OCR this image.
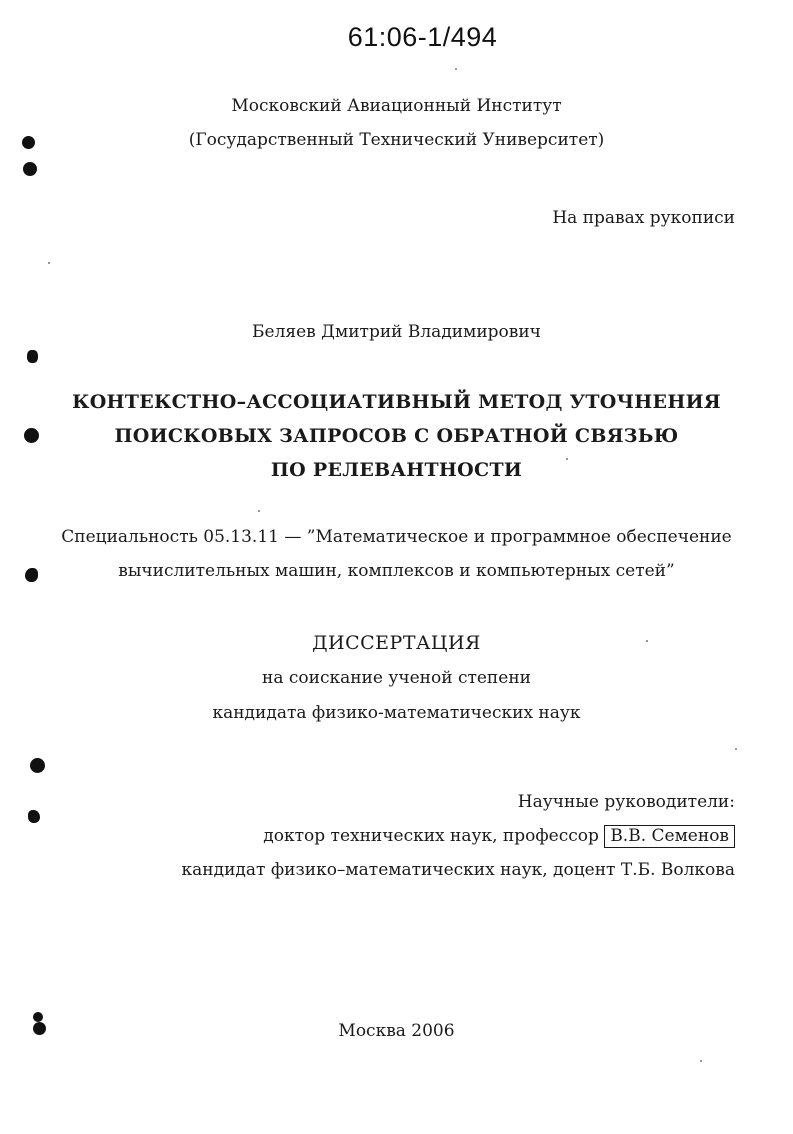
61:06-1/494
Московский Авиационный Институт
(Государственный Технический Университет)
На правах рукописи
Беляев Дмитрий Владимирович
КОНТЕКСТНО–АССОЦИАТИВНЫЙ МЕТОД УТОЧНЕНИЯ
ПОИСКОВЫХ ЗАПРОСОВ С ОБРАТНОЙ СВЯЗЬЮ
ПО РЕЛЕВАНТНОСТИ
Специальность 05.13.11 — ”Математическое и программное обеспечение
вычислительных машин, комплексов и компьютерных сетей”
ДИССЕРТАЦИЯ
на соискание ученой степени
кандидата физико-математических наук
Научные руководители:
доктор технических наук, профессор В.В. Семенов
кандидат физико–математических наук, доцент Т.Б. Волкова
Москва 2006
